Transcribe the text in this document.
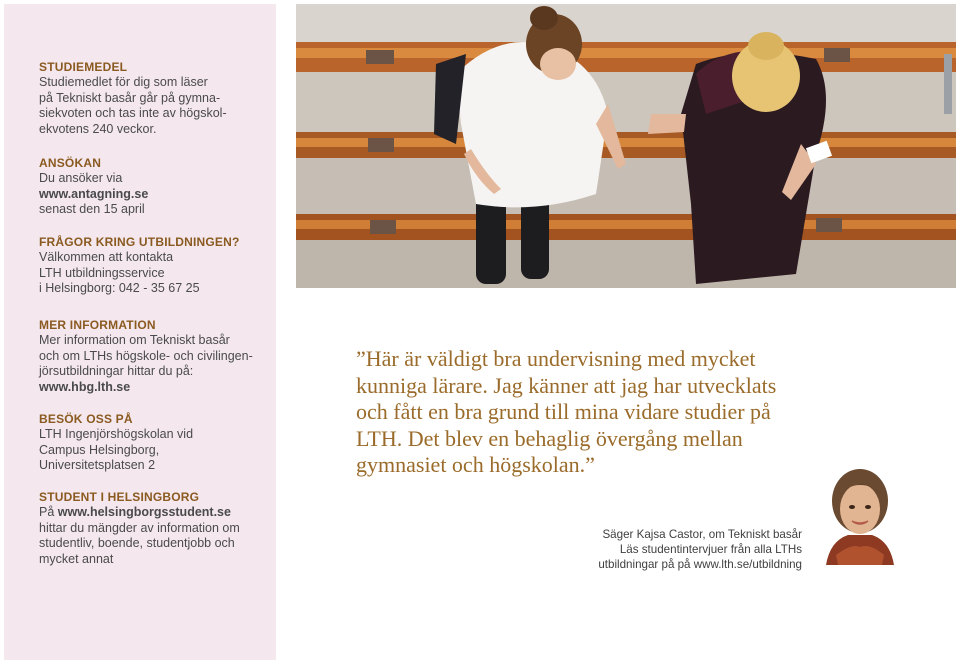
STUDIEMEDEL

Studiemedlet för dig som läser

på Tekniskt basår går på gymna-

siekvoten och tas inte av högskol-

ekvotens 240 veckor.

ANSÖKAN

Du ansöker via

www.antagning.se

senast den 15 april

FRÅGOR KRING UTBILDNINGEN?

Välkommen att kontakta

LTH utbildningsservice

i Helsingborg: 042 - 35 67 25

MER INFORMATION

Mer information om Tekniskt basår

och om LTHs högskole- och civilingen-

jörsutbildningar hittar du på:

www.hbg.lth.se

BESÖK OSS PÅ

LTH Ingenjörshögskolan vid

Campus Helsingborg,

Universitetsplatsen 2

STUDENT I HELSINGBORG

På www.helsingborgsstudent.se

hittar du mängder av information om

studentliv, boende, studentjobb och

mycket annat

”Här är väldigt bra undervisning med mycket
kunniga lärare. Jag känner att jag har utvecklats
och fått en bra grund till mina vidare studier på
LTH. Det blev en behaglig övergång mellan
gymnasiet och högskolan.”

Säger Kajsa Castor, om Tekniskt basår

Läs studentintervjuer från alla LTHs

utbildningar på på www.lth.se/utbildning
